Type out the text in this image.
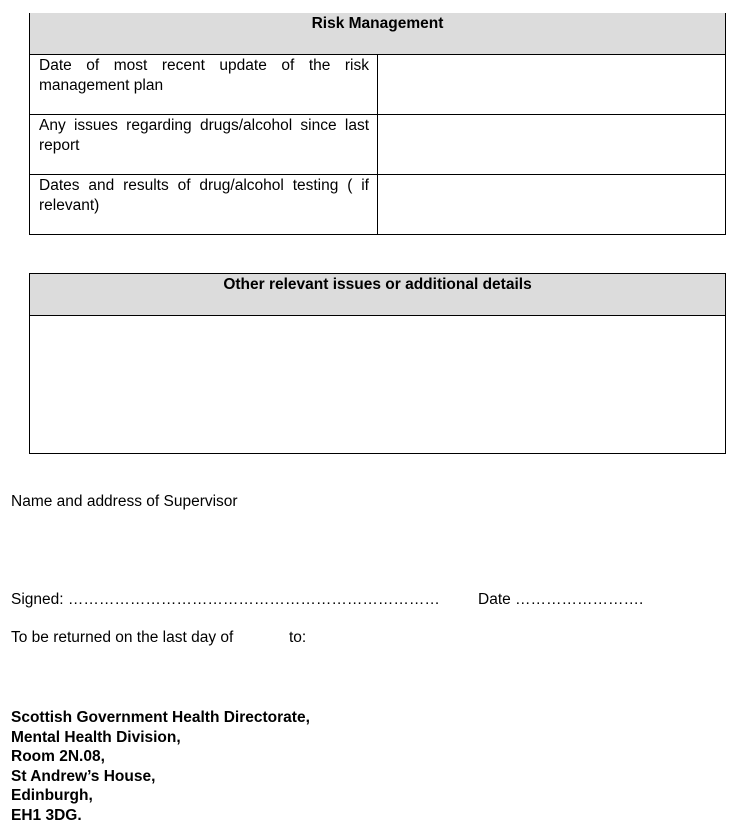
Risk Management	
Date of most recent update of the risk management plan	
Any issues regarding drugs/alcohol since last report	
Dates and results of drug/alcohol testing ( if relevant)	
Other relevant issues or additional details

Name and address of Supervisor
Signed: ……………………………………………………………… Date …………………….
To be returned on the last day of	to:
Scottish Government Health Directorate,
Mental Health Division,
Room 2N.08,
St Andrew’s House,
Edinburgh,
EH1 3DG.
